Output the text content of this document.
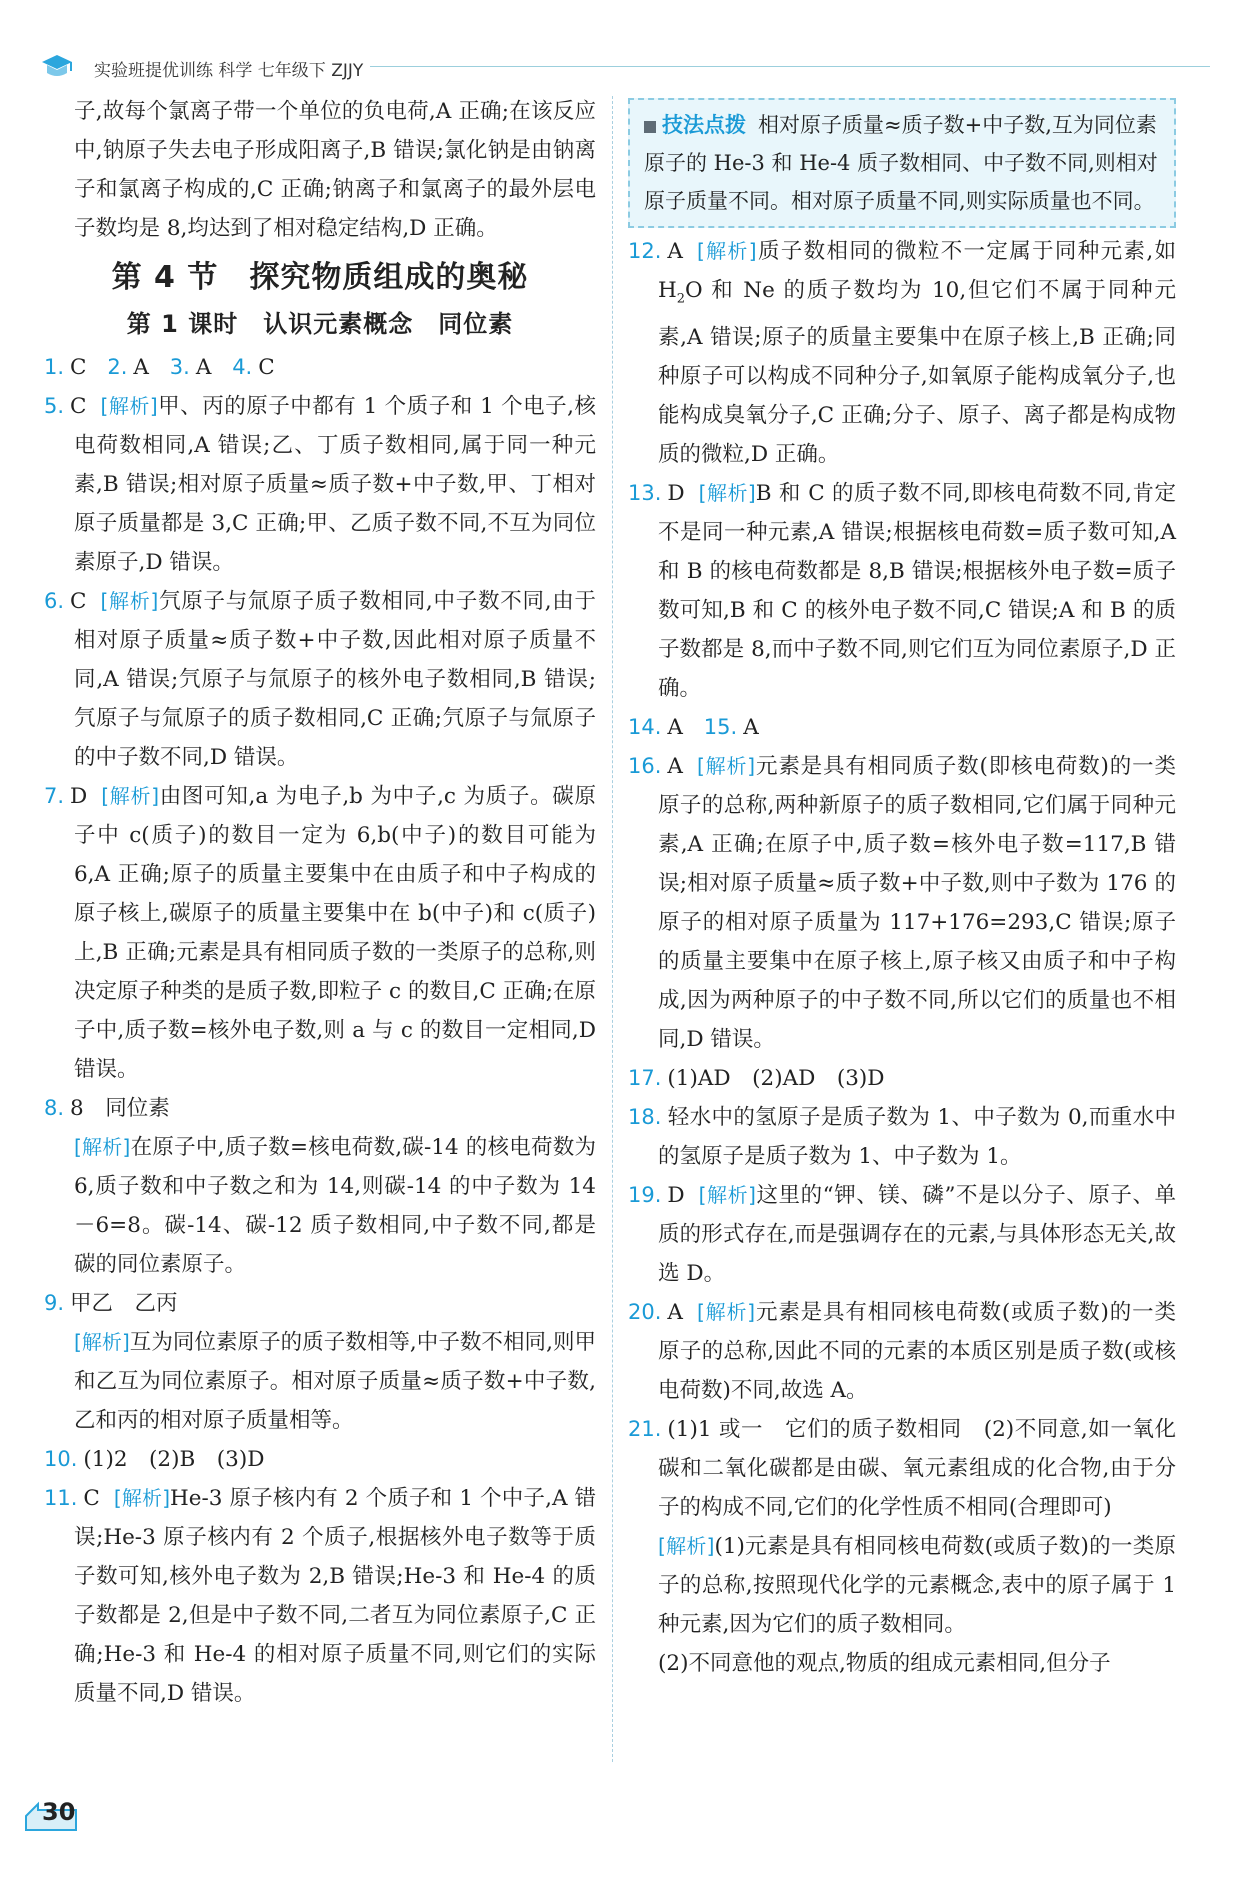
实验班提优训练 科学 七年级下 ZJJY

子,故每个氯离子带一个单位的负电荷,A 正确;在该反应中,钠原子失去电子形成阳离子,B 错误;氯化钠是由钠离子和氯离子构成的,C 正确;钠离子和氯离子的最外层电子数均是 8,均达到了相对稳定结构,D 正确。

第 4 节　探究物质组成的奥秘
第 1 课时　认识元素概念　同位素

1. C 2. A 3. A 4. C

5. C [解析]甲、丙的原子中都有 1 个质子和 1 个电子,核电荷数相同,A 错误;乙、丁质子数相同,属于同一种元素,B 错误;相对原子质量≈质子数+中子数,甲、丁相对原子质量都是 3,C 正确;甲、乙质子数不同,不互为同位素原子,D 错误。

6. C [解析]氕原子与氚原子质子数相同,中子数不同,由于相对原子质量≈质子数+中子数,因此相对原子质量不同,A 错误;氕原子与氚原子的核外电子数相同,B 错误;氕原子与氚原子的质子数相同,C 正确;氕原子与氚原子的中子数不同,D 错误。

7. D [解析]由图可知,a 为电子,b 为中子,c 为质子。碳原子中 c(质子)的数目一定为 6,b(中子)的数目可能为 6,A 正确;原子的质量主要集中在由质子和中子构成的原子核上,碳原子的质量主要集中在 b(中子)和 c(质子)上,B 正确;元素是具有相同质子数的一类原子的总称,则决定原子种类的是质子数,即粒子 c 的数目,C 正确;在原子中,质子数=核外电子数,则 a 与 c 的数目一定相同,D 错误。

8. 8　同位素

[解析]在原子中,质子数=核电荷数,碳-14 的核电荷数为 6,质子数和中子数之和为 14,则碳-14 的中子数为 14－6=8。碳-14、碳-12 质子数相同,中子数不同,都是碳的同位素原子。

9. 甲乙　乙丙

[解析]互为同位素原子的质子数相等,中子数不相同,则甲和乙互为同位素原子。相对原子质量≈质子数+中子数,乙和丙的相对原子质量相等。

10. (1)2　(2)B　(3)D

11. C [解析]He-3 原子核内有 2 个质子和 1 个中子,A 错误;He-3 原子核内有 2 个质子,根据核外电子数等于质子数可知,核外电子数为 2,B 错误;He-3 和 He-4 的质子数都是 2,但是中子数不同,二者互为同位素原子,C 正确;He-3 和 He-4 的相对原子质量不同,则它们的实际质量不同,D 错误。

技法点拨 相对原子质量≈质子数+中子数,互为同位素原子的 He-3 和 He-4 质子数相同、中子数不同,则相对原子质量不同。相对原子质量不同,则实际质量也不同。

12. A [解析]质子数相同的微粒不一定属于同种元素,如 $H_2O$ 和 Ne 的质子数均为 10,但它们不属于同种元素,A 错误;原子的质量主要集中在原子核上,B 正确;同种原子可以构成不同种分子,如氧原子能构成氧分子,也能构成臭氧分子,C 正确;分子、原子、离子都是构成物质的微粒,D 正确。

13. D [解析]B 和 C 的质子数不同,即核电荷数不同,肯定不是同一种元素,A 错误;根据核电荷数=质子数可知,A 和 B 的核电荷数都是 8,B 错误;根据核外电子数=质子数可知,B 和 C 的核外电子数不同,C 错误;A 和 B 的质子数都是 8,而中子数不同,则它们互为同位素原子,D 正确。

14. A 15. A

16. A [解析]元素是具有相同质子数(即核电荷数)的一类原子的总称,两种新原子的质子数相同,它们属于同种元素,A 正确;在原子中,质子数=核外电子数=117,B 错误;相对原子质量≈质子数+中子数,则中子数为 176 的原子的相对原子质量为 117+176=293,C 错误;原子的质量主要集中在原子核上,原子核又由质子和中子构成,因为两种原子的中子数不同,所以它们的质量也不相同,D 错误。

17. (1)AD　(2)AD　(3)D

18. 轻水中的氢原子是质子数为 1、中子数为 0,而重水中的氢原子是质子数为 1、中子数为 1。

19. D [解析]这里的“钾、镁、磷”不是以分子、原子、单质的形式存在,而是强调存在的元素,与具体形态无关,故选 D。

20. A [解析]元素是具有相同核电荷数(或质子数)的一类原子的总称,因此不同的元素的本质区别是质子数(或核电荷数)不同,故选 A。

21. (1)1 或一　它们的质子数相同　(2)不同意,如一氧化碳和二氧化碳都是由碳、氧元素组成的化合物,由于分子的构成不同,它们的化学性质不相同(合理即可)

[解析](1)元素是具有相同核电荷数(或质子数)的一类原子的总称,按照现代化学的元素概念,表中的原子属于 1 种元素,因为它们的质子数相同。

(2)不同意他的观点,物质的组成元素相同,但分子

30
